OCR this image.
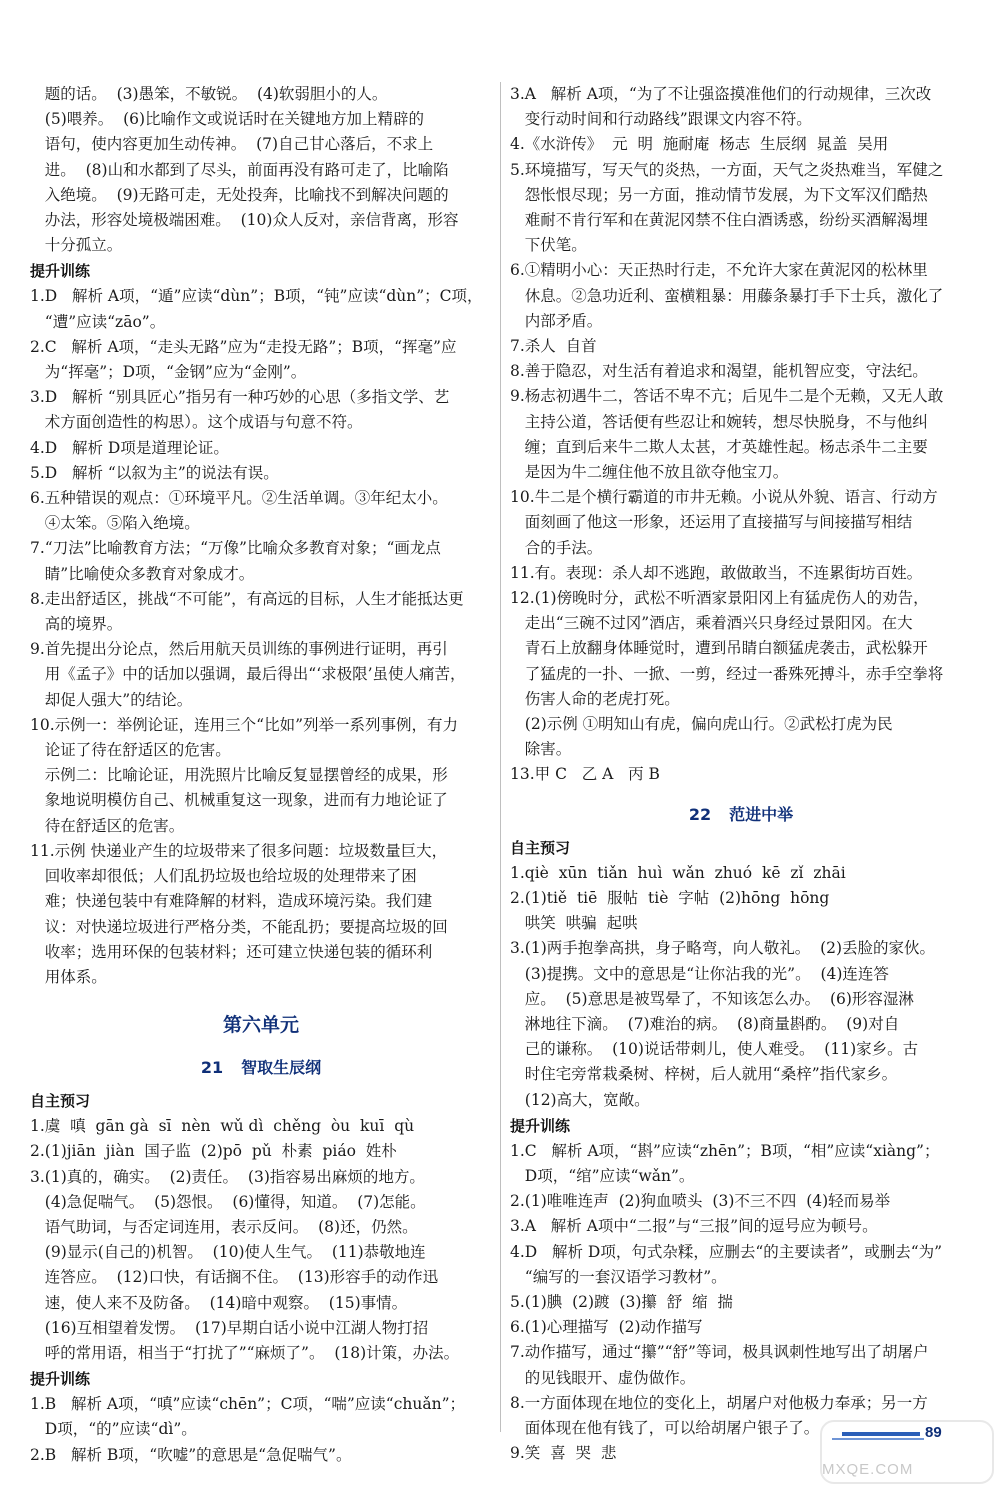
题的话。  (3)愚笨，不敏锐。  (4)软弱胆小的人。

(5)喂养。  (6)比喻作文或说话时在关键地方加上精辟的

语句，使内容更加生动传神。  (7)自己甘心落后，不求上

进。  (8)山和水都到了尽头，前面再没有路可走了，比喻陷

入绝境。  (9)无路可走，无处投奔，比喻找不到解决问题的

办法，形容处境极端困难。  (10)众人反对，亲信背离，形容

十分孤立。

提升训练

1.D   解析 A项，“遁”应读“dùn”；B项，“钝”应读“dùn”；C项，

“遭”应读“zāo”。

2.C   解析 A项，“走头无路”应为“走投无路”；B项，“挥毫”应

为“挥毫”；D项，“金钢”应为“金刚”。

3.D   解析 “别具匠心”指另有一种巧妙的心思（多指文学、艺

术方面创造性的构思）。这个成语与句意不符。

4.D   解析 D项是道理论证。

5.D   解析 “以叙为主”的说法有误。

6.五种错误的观点：①环境平凡。②生活单调。③年纪太小。

④太笨。⑤陷入绝境。

7.“刀法”比喻教育方法；“万像”比喻众多教育对象；“画龙点

睛”比喻使众多教育对象成才。

8.走出舒适区，挑战“不可能”，有高远的目标，人生才能抵达更

高的境界。

9.首先提出分论点，然后用航天员训练的事例进行证明，再引

用《孟子》中的话加以强调，最后得出“‘求极限’虽使人痛苦，

却促人强大”的结论。

10.示例一：举例论证，连用三个“比如”列举一系列事例，有力

论证了待在舒适区的危害。

示例二：比喻论证，用洗照片比喻反复显摆曾经的成果，形

象地说明模仿自己、机械重复这一现象，进而有力地论证了

待在舒适区的危害。

11.示例 快递业产生的垃圾带来了很多问题：垃圾数量巨大，

回收率却很低；人们乱扔垃圾也给垃圾的处理带来了困

难；快递包装中有难降解的材料，造成环境污染。我们建

议：对快递垃圾进行严格分类，不能乱扔；要提高垃圾的回

收率；选用环保的包装材料；还可建立快递包装的循环利

用体系。

第六单元
21 智取生辰纲
自主预习

1.虞  嗔  gān gà  sī  nèn  wǔ dì  chěng  òu  kuī  qù

2.(1)jiān  jiàn  国子监  (2)pō  pǔ  朴素  piáo  姓朴

3.(1)真的，确实。  (2)责任。  (3)指容易出麻烦的地方。

(4)急促喘气。  (5)怨恨。  (6)懂得，知道。  (7)怎能。

语气助词，与否定词连用，表示反问。  (8)还，仍然。

(9)显示(自己的)机智。  (10)使人生气。  (11)恭敬地连

连答应。  (12)口快，有话搁不住。  (13)形容手的动作迅

速，使人来不及防备。  (14)暗中观察。  (15)事情。

(16)互相望着发愣。  (17)早期白话小说中江湖人物打招

呼的常用语，相当于“打扰了”“麻烦了”。  (18)计策，办法。

提升训练

1.B   解析 A项，“嗔”应读“chēn”；C项，“喘”应读“chuǎn”；

D项，“的”应读“dì”。

2.B   解析 B项，“吹嘘”的意思是“急促喘气”。

3.A   解析 A项，“为了不让强盗摸准他们的行动规律，三次改

变行动时间和行动路线”跟课文内容不符。

4.《水浒传》  元  明  施耐庵  杨志  生辰纲  晁盖  吴用

5.环境描写，写天气的炎热，一方面，天气之炎热难当，军健之

怨怅恨尽现；另一方面，推动情节发展，为下文军汉们酷热

难耐不肯行军和在黄泥冈禁不住白酒诱惑，纷纷买酒解渴埋

下伏笔。

6.①精明小心：天正热时行走，不允许大家在黄泥冈的松林里

休息。②急功近利、蛮横粗暴：用藤条暴打手下士兵，激化了

内部矛盾。

7.杀人  自首

8.善于隐忍，对生活有着追求和渴望，能机智应变，守法纪。

9.杨志初遇牛二，答话不卑不亢；后见牛二是个无赖，又无人敢

主持公道，答话便有些忍让和婉转，想尽快脱身，不与他纠

缠；直到后来牛二欺人太甚，才英雄性起。杨志杀牛二主要

是因为牛二缠住他不放且欲夺他宝刀。

10.牛二是个横行霸道的市井无赖。小说从外貌、语言、行动方

面刻画了他这一形象，还运用了直接描写与间接描写相结

合的手法。

11.有。表现：杀人却不逃跑，敢做敢当，不连累街坊百姓。

12.(1)傍晚时分，武松不听酒家景阳冈上有猛虎伤人的劝告，

走出“三碗不过冈”酒店，乘着酒兴只身经过景阳冈。在大

青石上放翻身体睡觉时，遭到吊睛白额猛虎袭击，武松躲开

了猛虎的一扑、一掀、一剪，经过一番殊死搏斗，赤手空拳将

伤害人命的老虎打死。

(2)示例 ①明知山有虎，偏向虎山行。②武松打虎为民

除害。

13.甲 C   乙 A   丙 B

22 范进中举
自主预习

1.qiè  xūn  tiǎn  huì  wǎn  zhuó  kē  zǐ  zhāi

2.(1)tiě  tiē  服帖  tiè  字帖  (2)hōng  hōng

哄笑  哄骗  起哄

3.(1)两手抱拳高拱，身子略弯，向人敬礼。  (2)丢脸的家伙。

(3)提携。文中的意思是“让你沾我的光”。  (4)连连答

应。  (5)意思是被骂晕了，不知该怎么办。  (6)形容湿淋

淋地往下滴。  (7)难治的病。  (8)商量斟酌。  (9)对自

己的谦称。  (10)说话带刺儿，使人难受。  (11)家乡。古

时住宅旁常栽桑树、梓树，后人就用“桑梓”指代家乡。

(12)高大，宽敞。

提升训练

1.C   解析 A项，“斟”应读“zhēn”；B项，“相”应读“xiàng”；

D项，“绾”应读“wǎn”。

2.(1)唯唯连声  (2)狗血喷头  (3)不三不四  (4)轻而易举

3.A   解析 A项中“二报”与“三报”间的逗号应为顿号。

4.D   解析 D项，句式杂糅，应删去“的主要读者”，或删去“为”

“编写的一套汉语学习教材”。

5.(1)腆  (2)踱  (3)攥  舒  缩  揣

6.(1)心理描写  (2)动作描写

7.动作描写，通过“攥”“舒”等词，极具讽刺性地写出了胡屠户

的见钱眼开、虚伪做作。

8.一方面体现在地位的变化上，胡屠户对他极力奉承；另一方

面体现在他有钱了，可以给胡屠户银子了。

9.笑  喜  哭  悲

89
MXQE.COM
